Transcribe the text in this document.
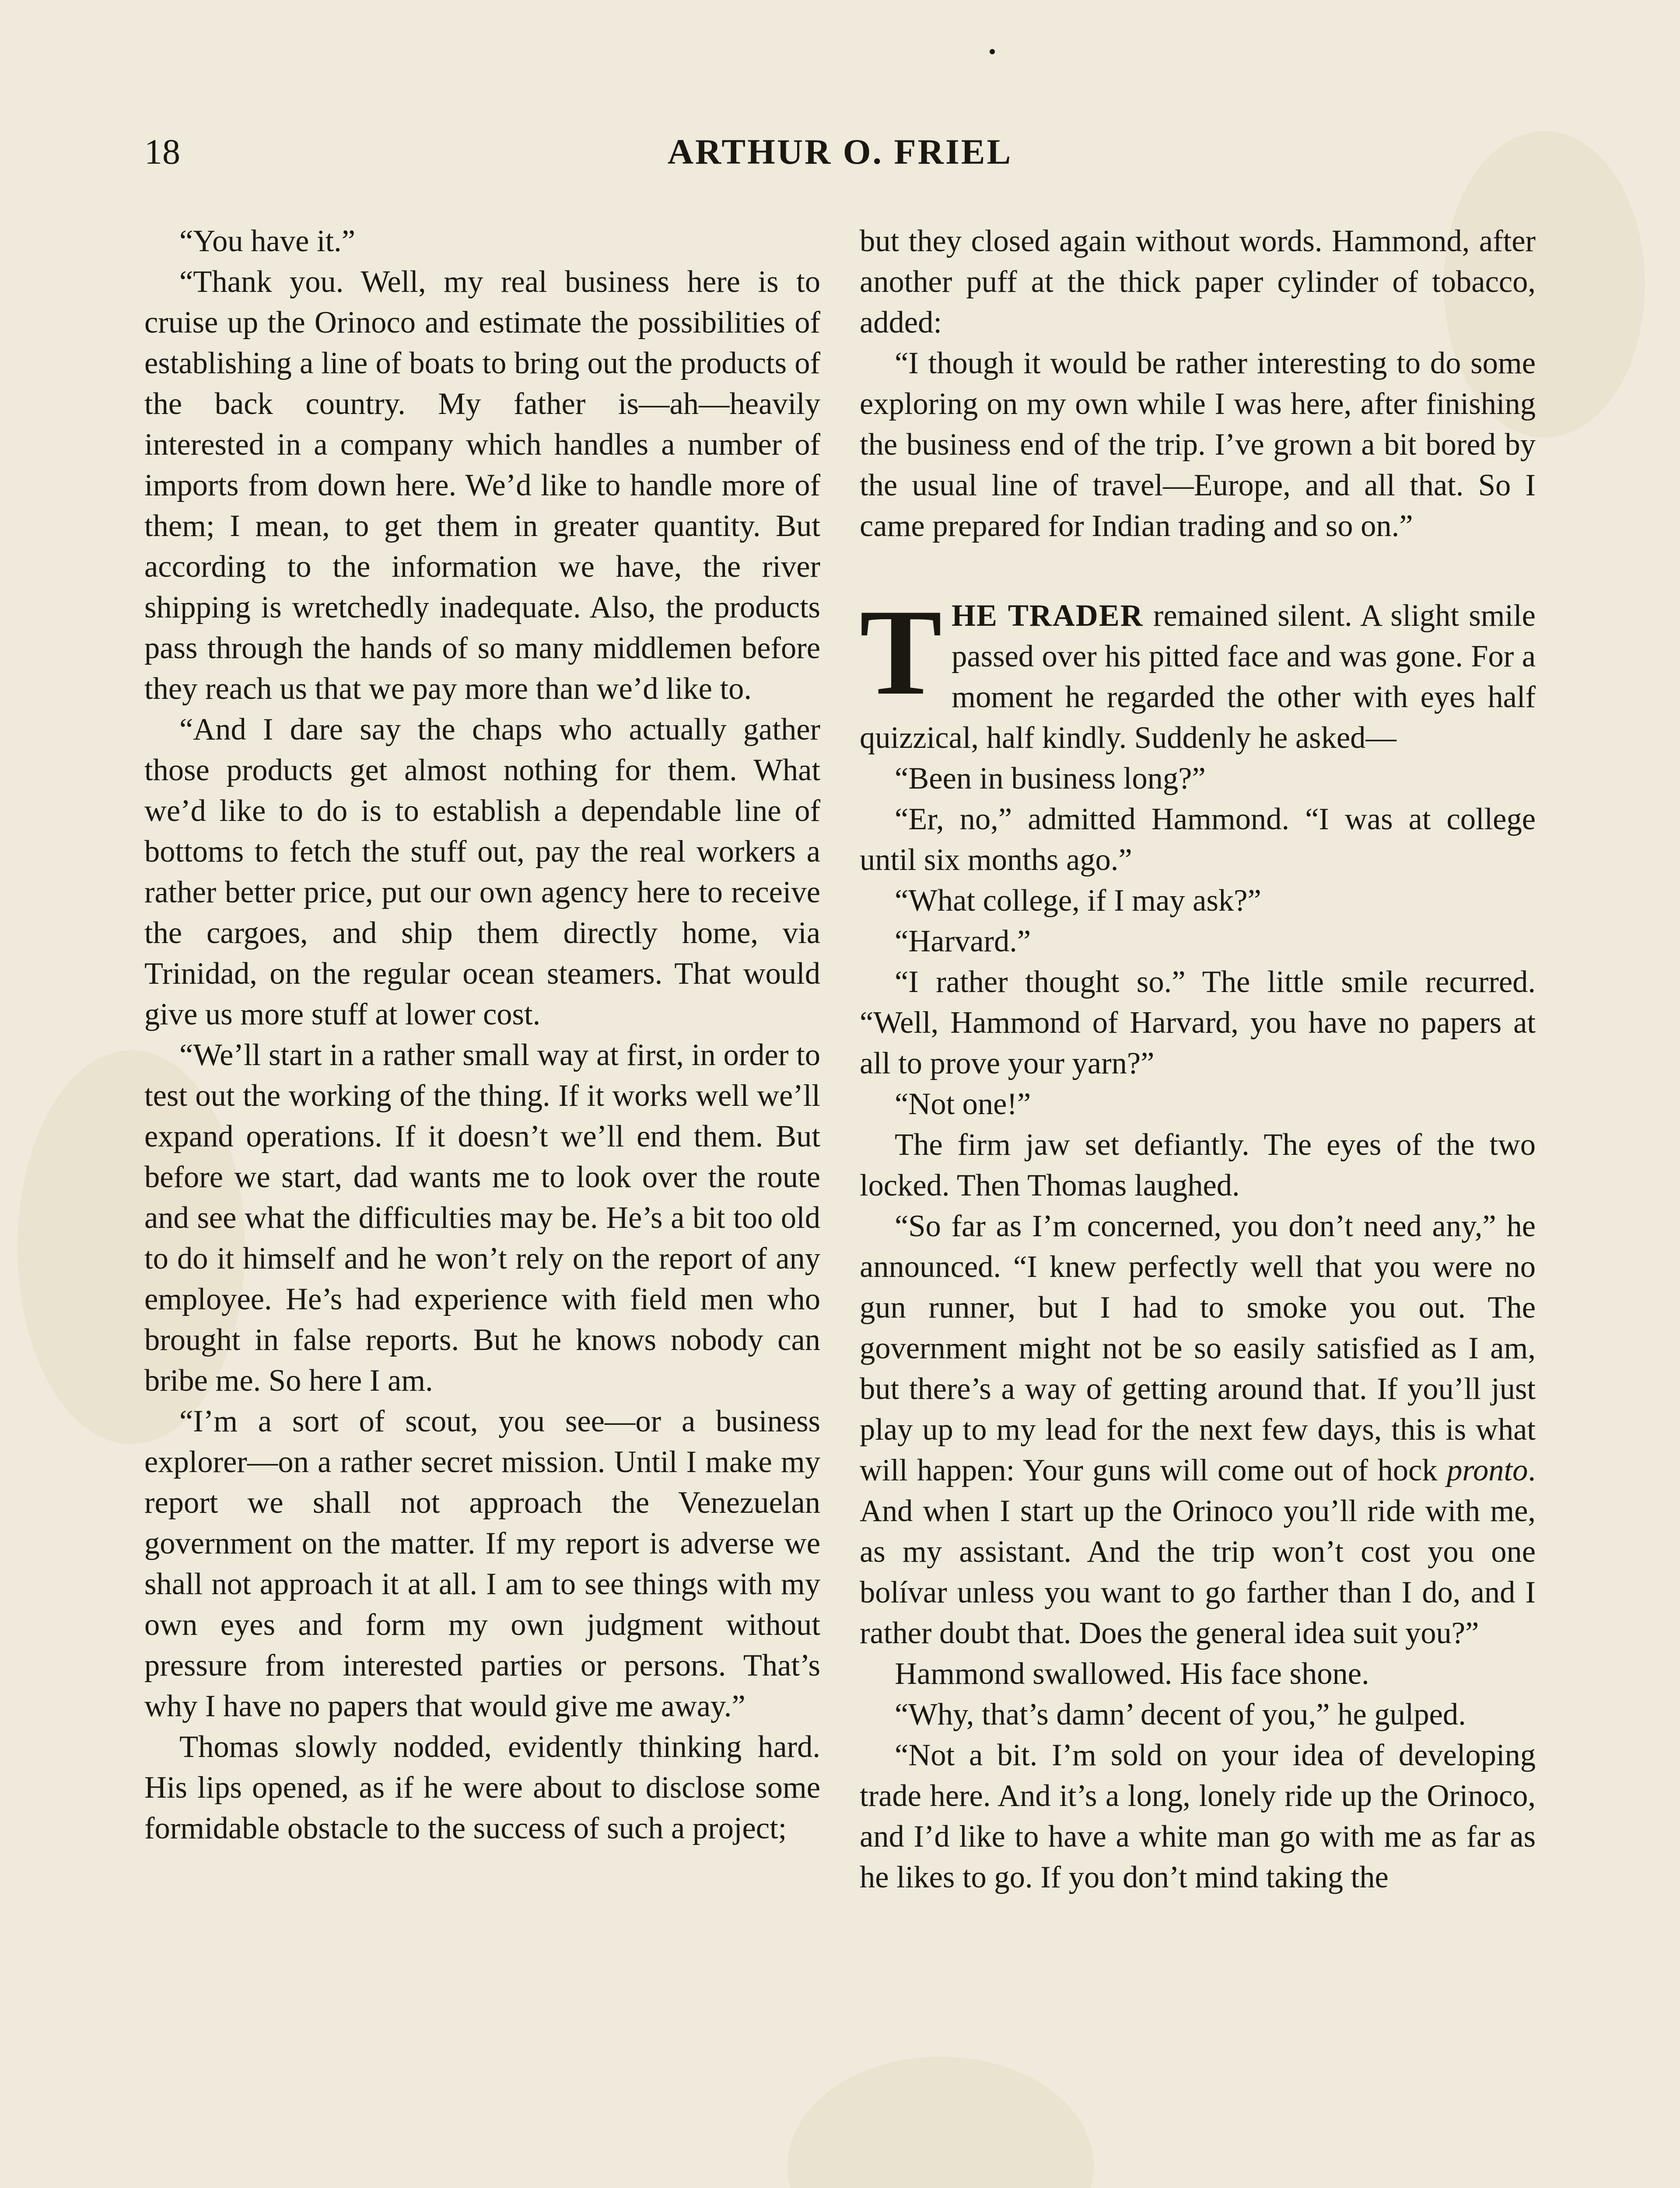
18	ARTHUR O. FRIEL

“You have it.”

“Thank you. Well, my real business here is to cruise up the Orinoco and estimate the possibilities of establishing a line of boats to bring out the products of the back country. My father is—ah—heavily interested in a company which handles a number of imports from down here. We’d like to handle more of them; I mean, to get them in greater quantity. But according to the information we have, the river shipping is wretchedly inadequate. Also, the products pass through the hands of so many middlemen before they reach us that we pay more than we’d like to.

“And I dare say the chaps who actually gather those products get almost nothing for them. What we’d like to do is to establish a dependable line of bottoms to fetch the stuff out, pay the real workers a rather better price, put our own agency here to receive the cargoes, and ship them directly home, via Trinidad, on the regular ocean steamers. That would give us more stuff at lower cost.

“We’ll start in a rather small way at first, in order to test out the working of the thing. If it works well we’ll expand operations. If it doesn’t we’ll end them. But before we start, dad wants me to look over the route and see what the difficulties may be. He’s a bit too old to do it himself and he won’t rely on the report of any employee. He’s had experience with field men who brought in false reports. But he knows nobody can bribe me. So here I am.

“I’m a sort of scout, you see—or a business explorer—on a rather secret mission. Until I make my report we shall not approach the Venezuelan government on the matter. If my report is adverse we shall not approach it at all. I am to see things with my own eyes and form my own judgment without pressure from interested parties or persons. That’s why I have no papers that would give me away.”

Thomas slowly nodded, evidently thinking hard. His lips opened, as if he were about to disclose some formidable obstacle to the success of such a project;

but they closed again without words. Hammond, after another puff at the thick paper cylinder of tobacco, added:

“I though it would be rather interesting to do some exploring on my own while I was here, after finishing the business end of the trip. I’ve grown a bit bored by the usual line of travel—Europe, and all that. So I came prepared for Indian trading and so on.”

THE TRADER remained silent. A slight smile passed over his pitted face and was gone. For a moment he regarded the other with eyes half quizzical, half kindly. Suddenly he asked—

“Been in business long?”

“Er, no,” admitted Hammond. “I was at college until six months ago.”

“What college, if I may ask?”

“Harvard.”

“I rather thought so.” The little smile recurred. “Well, Hammond of Harvard, you have no papers at all to prove your yarn?”

“Not one!”

The firm jaw set defiantly. The eyes of the two locked. Then Thomas laughed.

“So far as I’m concerned, you don’t need any,” he announced. “I knew perfectly well that you were no gun runner, but I had to smoke you out. The government might not be so easily satisfied as I am, but there’s a way of getting around that. If you’ll just play up to my lead for the next few days, this is what will happen: Your guns will come out of hock pronto. And when I start up the Orinoco you’ll ride with me, as my assistant. And the trip won’t cost you one bolívar unless you want to go farther than I do, and I rather doubt that. Does the general idea suit you?”

Hammond swallowed. His face shone.

“Why, that’s damn’ decent of you,” he gulped.

“Not a bit. I’m sold on your idea of developing trade here. And it’s a long, lonely ride up the Orinoco, and I’d like to have a white man go with me as far as he likes to go. If you don’t mind taking the
